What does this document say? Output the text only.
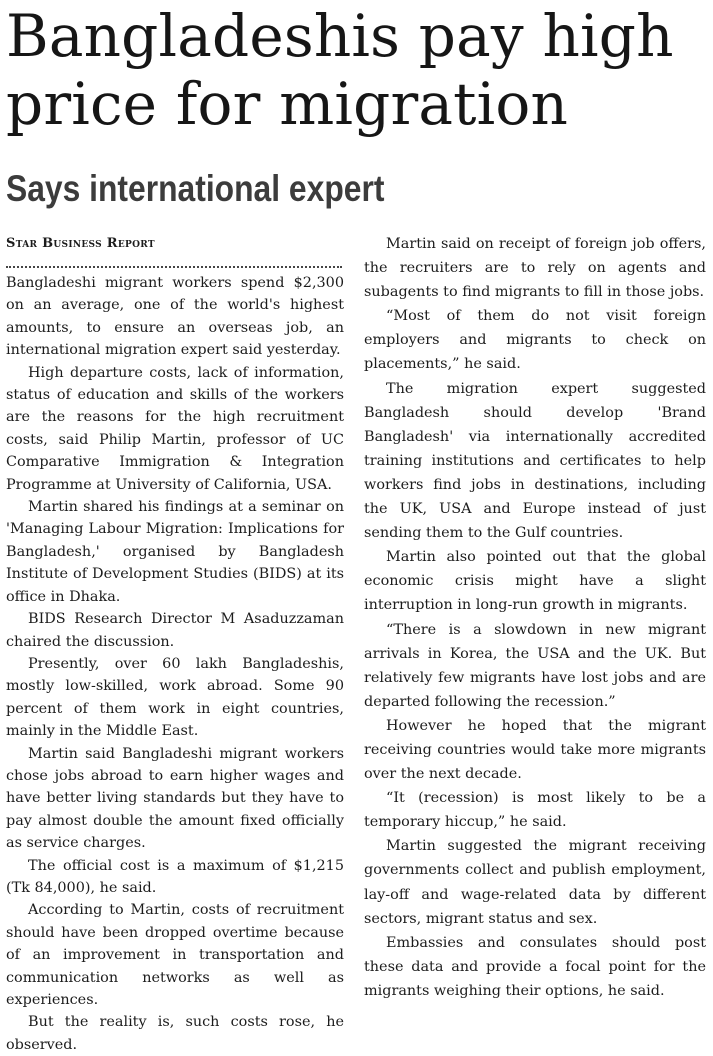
Bangladeshis pay high
price for migration
Says international expert
Star Business Report

Bangladeshi migrant workers spend $2,300 on an average, one of the world's highest amounts, to ensure an overseas job, an international migration expert said yesterday.

High departure costs, lack of information, status of education and skills of the workers are the reasons for the high recruitment costs, said Philip Martin, professor of UC Comparative Immigration & Integration Programme at University of California, USA.

Martin shared his findings at a seminar on 'Managing Labour Migration: Implications for Bangladesh,' organised by Bangladesh Institute of Development Studies (BIDS) at its office in Dhaka.

BIDS Research Director M Asaduzzaman chaired the discussion.

Presently, over 60 lakh Bangladeshis, mostly low-skilled, work abroad. Some 90 percent of them work in eight countries, mainly in the Middle East.

Martin said Bangladeshi migrant workers chose jobs abroad to earn higher wages and have better living standards but they have to pay almost double the amount fixed officially as service charges.

The official cost is a maximum of $1,215 (Tk 84,000), he said.

According to Martin, costs of recruitment should have been dropped overtime because of an improvement in transportation and communication networks as well as experiences.

But the reality is, such costs rose, he observed.

Martin said on receipt of foreign job offers, the recruiters are to rely on agents and subagents to find migrants to fill in those jobs.

“Most of them do not visit foreign employers and migrants to check on placements,” he said.

The migration expert suggested Bangladesh should develop 'Brand Bangladesh' via internationally accredited training institutions and certificates to help workers find jobs in destinations, including the UK, USA and Europe instead of just sending them to the Gulf countries.

Martin also pointed out that the global economic crisis might have a slight interruption in long-run growth in migrants.

“There is a slowdown in new migrant arrivals in Korea, the USA and the UK. But relatively few migrants have lost jobs and are departed following the recession.”

However he hoped that the migrant receiving countries would take more migrants over the next decade.

“It (recession) is most likely to be a temporary hiccup,” he said.

Martin suggested the migrant receiving governments collect and publish employment, lay-off and wage-related data by different sectors, migrant status and sex.

Embassies and consulates should post these data and provide a focal point for the migrants weighing their options, he said.
